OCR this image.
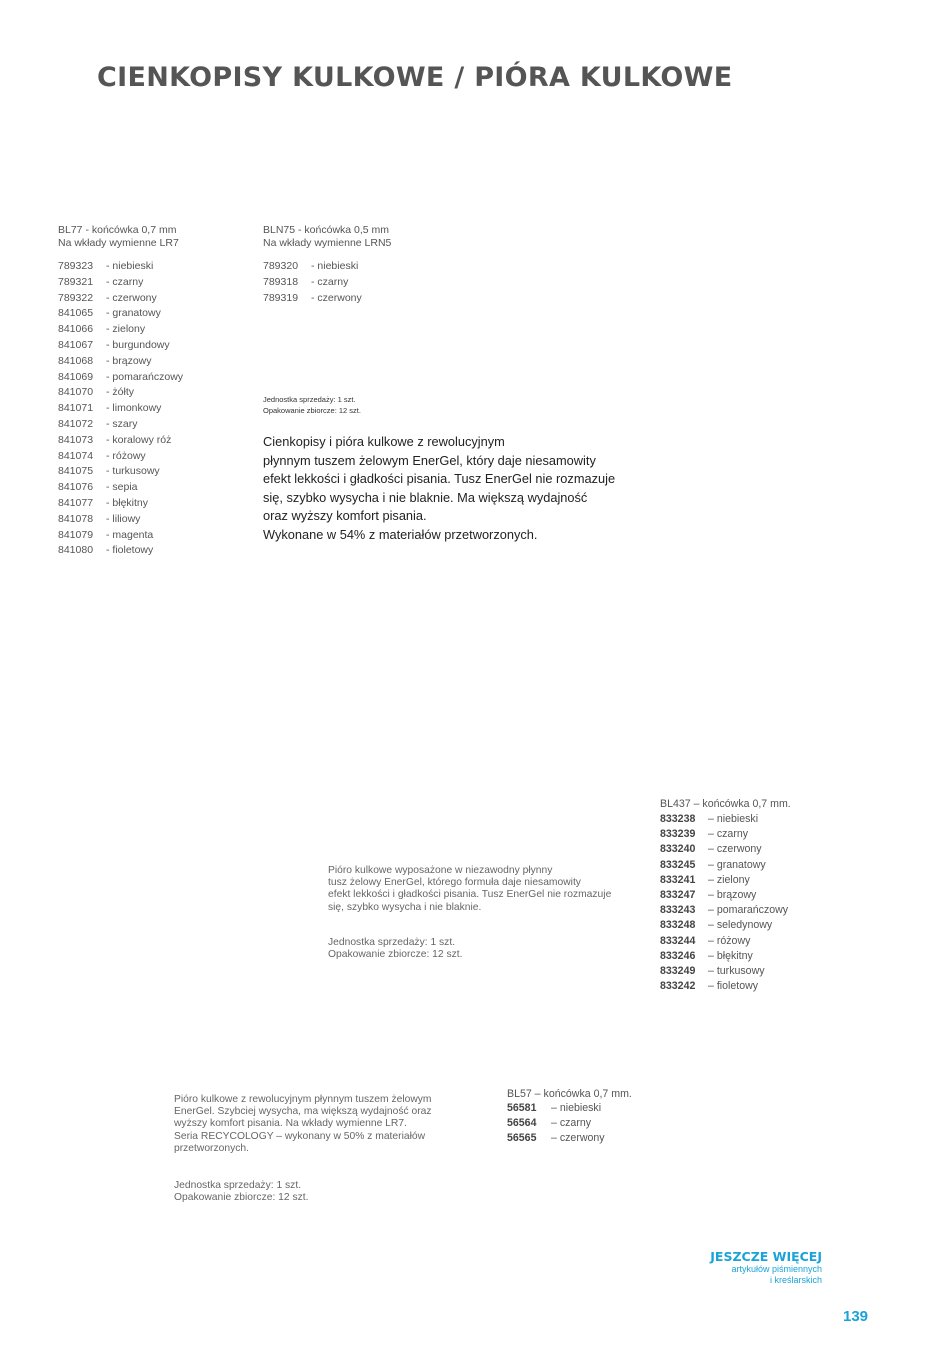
CIENKOPISY KULKOWE / PIÓRA KULKOWE
BL77 - końcówka 0,7 mm
Na wkłady wymienne LR7
789323	- niebieski
789321	- czarny
789322	- czerwony
841065	- granatowy
841066	- zielony
841067	- burgundowy
841068	- brązowy
841069	- pomarańczowy
841070	- żółty
841071	- limonkowy
841072	- szary
841073	- koralowy róż
841074	- różowy
841075	- turkusowy
841076	- sepia
841077	- błękitny
841078	- liliowy
841079	- magenta
841080	- fioletowy
BLN75 - końcówka 0,5 mm
Na wkłady wymienne LRN5
789320	- niebieski
789318	- czarny
789319	- czerwony
Jednostka sprzedaży: 1 szt.
Opakowanie zbiorcze: 12 szt.
Cienkopisy i pióra kulkowe z rewolucyjnym
płynnym tuszem żelowym EnerGel, który daje niesamowity
efekt lekkości i gładkości pisania. Tusz EnerGel nie rozmazuje
się, szybko wysycha i nie blaknie. Ma większą wydajność
oraz wyższy komfort pisania.
Wykonane w 54% z materiałów przetworzonych.
Pióro kulkowe wyposażone w niezawodny płynny
tusz żelowy EnerGel, którego formuła daje niesamowity
efekt lekkości i gładkości pisania. Tusz EnerGel nie rozmazuje
się, szybko wysycha i nie blaknie.
Jednostka sprzedaży: 1 szt.
Opakowanie zbiorcze: 12 szt.
BL437 – końcówka 0,7 mm.
833238	– niebieski
833239	– czarny
833240	– czerwony
833245	– granatowy
833241	– zielony
833247	– brązowy
833243	– pomarańczowy
833248	– seledynowy
833244	– różowy
833246	– błękitny
833249	– turkusowy
833242	– fioletowy
Pióro kulkowe z rewolucyjnym płynnym tuszem żelowym
EnerGel. Szybciej wysycha, ma większą wydajność oraz
wyższy komfort pisania. Na wkłady wymienne LR7.
Seria RECYCOLOGY – wykonany w 50% z materiałów
przetworzonych.
Jednostka sprzedaży: 1 szt.
Opakowanie zbiorcze: 12 szt.
BL57 – końcówka 0,7 mm.
56581	– niebieski
56564	– czarny
56565	– czerwony
JESZCZE WIĘCEJ
artykułów piśmiennych
i kreślarskich
139
